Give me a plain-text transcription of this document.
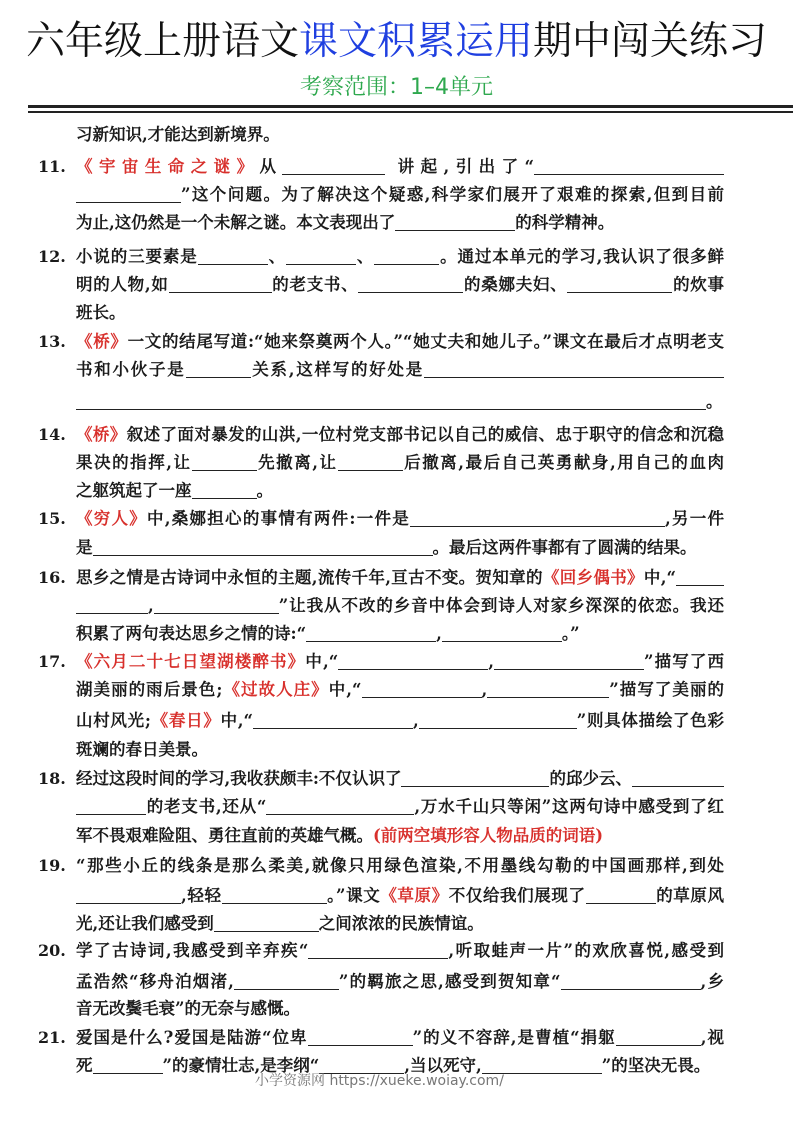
六年级上册语文课文积累运用期中闯关练习
考察范围：1–4单元
习新知识,才能达到新境界。
11. 《宇宙生命之谜》从	讲起,引出了“
”这个问题。为了解决这个疑惑,科学家们展开了艰难的探索,但到目前
为止,这仍然是一个未解之谜。本文表现出了	的科学精神。
12. 小说的三要素是	、	、	。通过本单元的学习,我认识了很多鲜
明的人物,如	的老支书、	的桑娜夫妇、	的炊事
班长。
13. 《桥》一文的结尾写道:“她来祭奠两个人。”“她丈夫和她儿子。”课文在最后才点明老支
书和小伙子是	关系,这样写的好处是
。
14. 《桥》叙述了面对暴发的山洪,一位村党支部书记以自己的威信、忠于职守的信念和沉稳
果决的指挥,让	先撤离,让	后撤离,最后自己英勇献身,用自己的血肉
之躯筑起了一座	。
15. 《穷人》中,桑娜担心的事情有两件:一件是	,另一件
是	。最后这两件事都有了圆满的结果。
16. 思乡之情是古诗词中永恒的主题,流传千年,亘古不变。贺知章的《回乡偶书》中,“
,	”让我从不改的乡音中体会到诗人对家乡深深的依恋。我还
积累了两句表达思乡之情的诗:“	,	。”
17. 《六月二十七日望湖楼醉书》中,“	,	”描写了西
湖美丽的雨后景色;《过故人庄》中,“	,	”描写了美丽的
山村风光;《春日》中,“	,	”则具体描绘了色彩
斑斓的春日美景。
18. 经过这段时间的学习,我收获颇丰:不仅认识了	的邱少云、
的老支书,还从“	,万水千山只等闲”这两句诗中感受到了红
军不畏艰难险阻、勇往直前的英雄气概。(前两空填形容人物品质的词语)
19. “那些小丘的线条是那么柔美,就像只用绿色渲染,不用墨线勾勒的中国画那样,到处
,轻轻	。”课文《草原》不仅给我们展现了	的草原风
光,还让我们感受到	之间浓浓的民族情谊。
20. 学了古诗词,我感受到辛弃疾“	,听取蛙声一片”的欢欣喜悦,感受到
孟浩然“移舟泊烟渚,	”的羁旅之思,感受到贺知章“	,乡
音无改鬓毛衰”的无奈与感慨。
21. 爱国是什么?爱国是陆游“位卑	”的义不容辞,是曹植“捐躯	,视
死	”的豪情壮志,是李纲“	,当以死守,	”的坚决无畏。
小学资源网 https://xueke.woiay.com/
